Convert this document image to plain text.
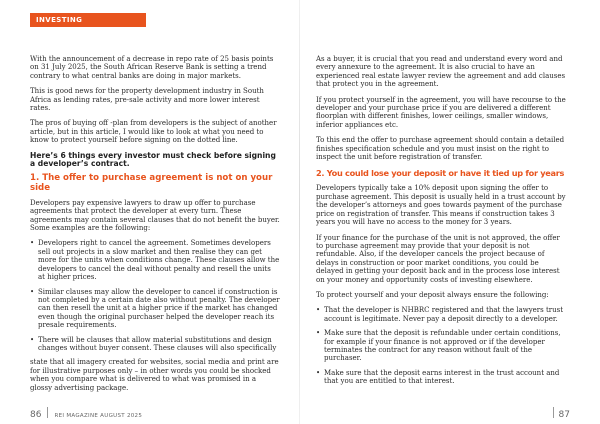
INVESTING

With the announcement of a decrease in repo rate of 25 basis points on 31 July 2025, the South African Reserve Bank is setting a trend contrary to what central banks are doing in major markets.

This is good news for the property development industry in South Africa as lending rates, pre-sale activity and more lower interest rates.

The pros of buying off -plan from developers is the subject of another article, but in this article, I would like to look at what you need to know to protect yourself before signing on the dotted line.

Here’s 6 things every investor must check before signing a developer’s contract.
1. The offer to purchase agreement is not on your side

Developers pay expensive lawyers to draw up offer to purchase agreements that protect the developer at every turn. These agreements may contain several clauses that do not benefit the buyer. Some examples are the following:

• Developers right to cancel the agreement. Sometimes developers sell out projects in a slow market and then realise they can get more for the units when conditions change. These clauses allow the developers to cancel the deal without penalty and resell the units at higher prices.
• Similar clauses may allow the developer to cancel if construction is not completed by a certain date also without penalty. The developer can then resell the unit at a higher price if the market has changed even though the original purchaser helped the developer reach its presale requirements.
• There will be clauses that allow material substitutions and design changes without buyer consent. These clauses will also specifically

state that all imagery created for websites, social media and print are for illustrative purposes only – in other words you could be shocked when you compare what is delivered to what was promised in a glossy advertising package.

As a buyer, it is crucial that you read and understand every word and every annexure to the agreement. It is also crucial to have an experienced real estate lawyer review the agreement and add clauses that protect you in the agreement.

If you protect yourself in the agreement, you will have recourse to the developer and your purchase price if you are delivered a different floorplan with different finishes, lower ceilings, smaller windows, inferior appliances etc.

To this end the offer to purchase agreement should contain a detailed finishes specification schedule and you must insist on the right to inspect the unit before registration of transfer.

2. You could lose your deposit or have it tied up for years

Developers typically take a 10% deposit upon signing the offer to purchase agreement. This deposit is usually held in a trust account by the developer’s attorneys and goes towards payment of the purchase price on registration of transfer. This means if construction takes 3 years you will have no access to the money for 3 years.

If your finance for the purchase of the unit is not approved, the offer to purchase agreement may provide that your deposit is not refundable. Also, if the developer cancels the project because of delays in construction or poor market conditions, you could be delayed in getting your deposit back and in the process lose interest on your money and opportunity costs of investing elsewhere.

To protect yourself and your deposit always ensure the following:

• That the developer is NHBRC registered and that the lawyers trust account is legitimate. Never pay a deposit directly to a developer.
• Make sure that the deposit is refundable under certain conditions, for example if your finance is not approved or if the developer terminates the contract for any reason without fault of the purchaser.
• Make sure that the deposit earns interest in the trust account and that you are entitled to that interest.
86 REI MAGAZINE AUGUST 2025	87
